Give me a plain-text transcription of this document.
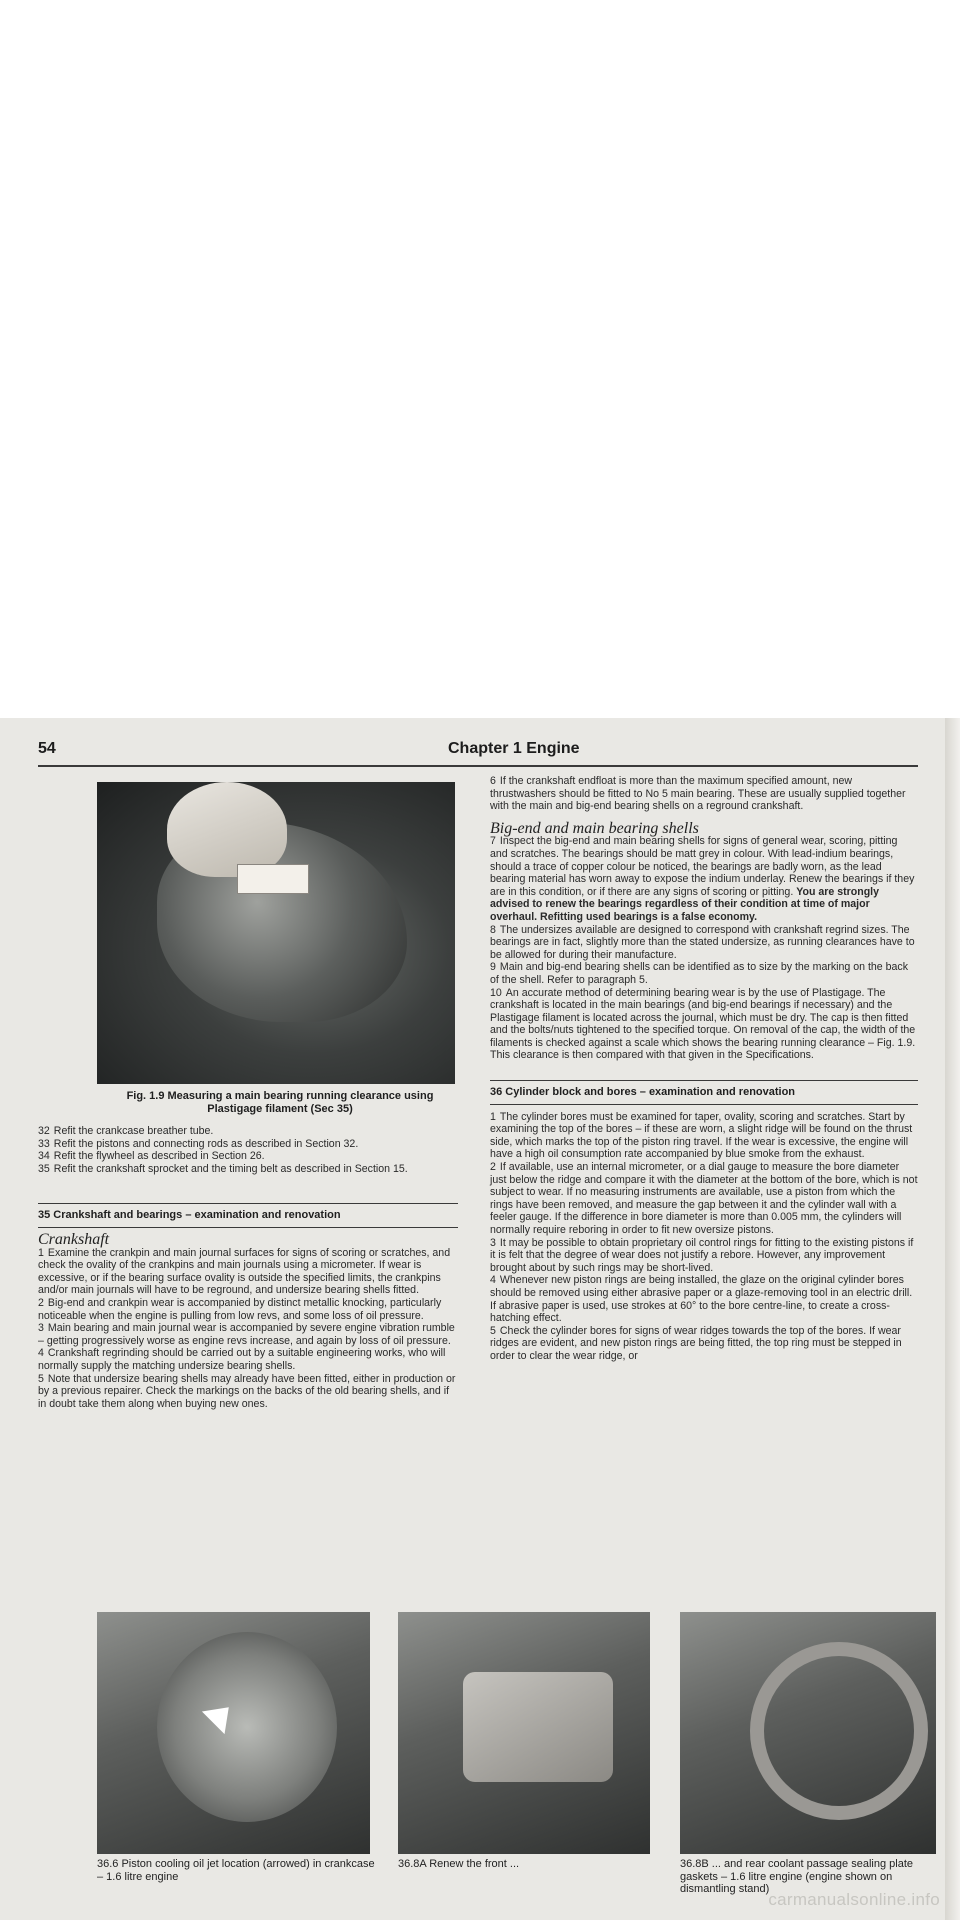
54	Chapter 1 Engine
Fig. 1.9 Measuring a main bearing running clearance using Plastigage filament (Sec 35)

32 Refit the crankcase breather tube.

33 Refit the pistons and connecting rods as described in Section 32.

34 Refit the flywheel as described in Section 26.

35 Refit the crankshaft sprocket and the timing belt as described in Section 15.

35 Crankshaft and bearings – examination and renovation
Crankshaft

1 Examine the crankpin and main journal surfaces for signs of scoring or scratches, and check the ovality of the crankpins and main journals using a micrometer. If wear is excessive, or if the bearing surface ovality is outside the specified limits, the crankpins and/or main journals will have to be reground, and undersize bearing shells fitted.

2 Big-end and crankpin wear is accompanied by distinct metallic knocking, particularly noticeable when the engine is pulling from low revs, and some loss of oil pressure.

3 Main bearing and main journal wear is accompanied by severe engine vibration rumble – getting progressively worse as engine revs increase, and again by loss of oil pressure.

4 Crankshaft regrinding should be carried out by a suitable engineering works, who will normally supply the matching undersize bearing shells.

5 Note that undersize bearing shells may already have been fitted, either in production or by a previous repairer. Check the markings on the backs of the old bearing shells, and if in doubt take them along when buying new ones.

6 If the crankshaft endfloat is more than the maximum specified amount, new thrustwashers should be fitted to No 5 main bearing. These are usually supplied together with the main and big-end bearing shells on a reground crankshaft.

Big-end and main bearing shells

7 Inspect the big-end and main bearing shells for signs of general wear, scoring, pitting and scratches. The bearings should be matt grey in colour. With lead-indium bearings, should a trace of copper colour be noticed, the bearings are badly worn, as the lead bearing material has worn away to expose the indium underlay. Renew the bearings if they are in this condition, or if there are any signs of scoring or pitting. You are strongly advised to renew the bearings regardless of their condition at time of major overhaul. Refitting used bearings is a false economy.

8 The undersizes available are designed to correspond with crankshaft regrind sizes. The bearings are in fact, slightly more than the stated undersize, as running clearances have to be allowed for during their manufacture.

9 Main and big-end bearing shells can be identified as to size by the marking on the back of the shell. Refer to paragraph 5.

10 An accurate method of determining bearing wear is by the use of Plastigage. The crankshaft is located in the main bearings (and big-end bearings if necessary) and the Plastigage filament is located across the journal, which must be dry. The cap is then fitted and the bolts/nuts tightened to the specified torque. On removal of the cap, the width of the filaments is checked against a scale which shows the bearing running clearance – Fig. 1.9. This clearance is then compared with that given in the Specifications.

36 Cylinder block and bores – examination and renovation

1 The cylinder bores must be examined for taper, ovality, scoring and scratches. Start by examining the top of the bores – if these are worn, a slight ridge will be found on the thrust side, which marks the top of the piston ring travel. If the wear is excessive, the engine will have a high oil consumption rate accompanied by blue smoke from the exhaust.

2 If available, use an internal micrometer, or a dial gauge to measure the bore diameter just below the ridge and compare it with the diameter at the bottom of the bore, which is not subject to wear. If no measuring instruments are available, use a piston from which the rings have been removed, and measure the gap between it and the cylinder wall with a feeler gauge. If the difference in bore diameter is more than 0.005 mm, the cylinders will normally require reboring in order to fit new oversize pistons.

3 It may be possible to obtain proprietary oil control rings for fitting to the existing pistons if it is felt that the degree of wear does not justify a rebore. However, any improvement brought about by such rings may be short-lived.

4 Whenever new piston rings are being installed, the glaze on the original cylinder bores should be removed using either abrasive paper or a glaze-removing tool in an electric drill. If abrasive paper is used, use strokes at 60° to the bore centre-line, to create a cross-hatching effect.

5 Check the cylinder bores for signs of wear ridges towards the top of the bores. If wear ridges are evident, and new piston rings are being fitted, the top ring must be stepped in order to clear the wear ridge, or

36.6 Piston cooling oil jet location (arrowed) in crankcase – 1.6 litre engine
36.8A Renew the front ...	36.8B ... and rear coolant passage sealing plate gaskets – 1.6 litre engine (engine shown on dismantling stand)
carmanualsonline.info
